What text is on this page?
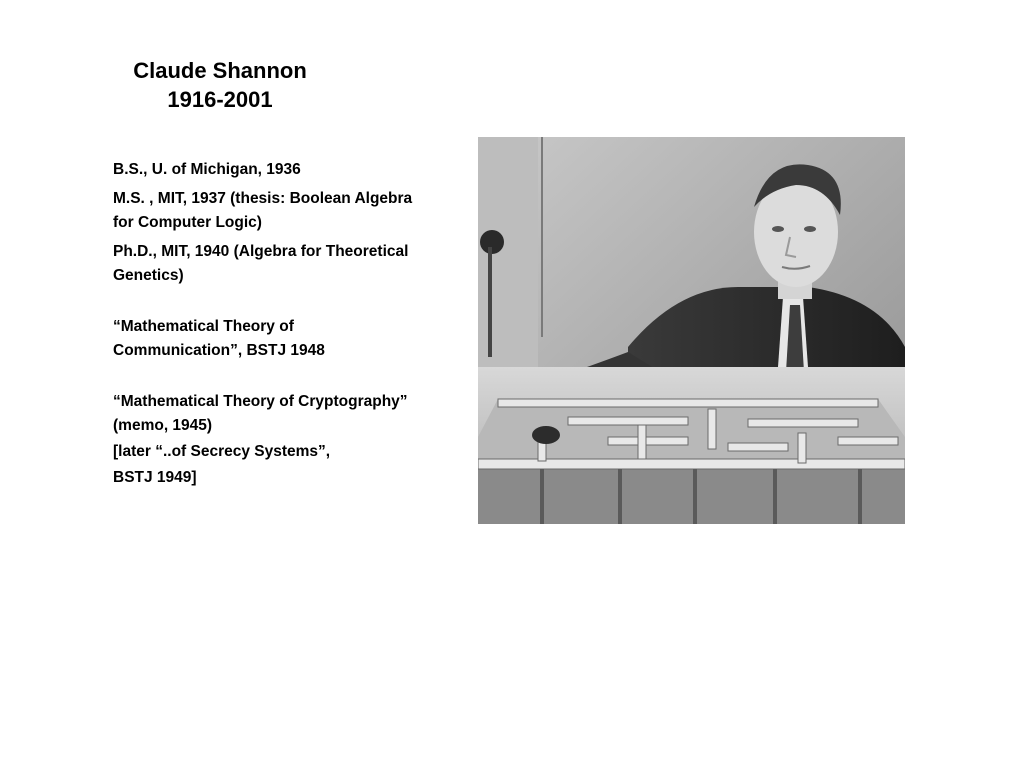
Claude Shannon
1916-2001

B.S., U. of Michigan, 1936

M.S. , MIT, 1937 (thesis: Boolean Algebra for Computer Logic)

Ph.D., MIT, 1940 (Algebra for Theoretical Genetics)

“Mathematical Theory of Communication”, BSTJ 1948

“Mathematical Theory of Cryptography” (memo, 1945)

[later “..of Secrecy Systems”,

BSTJ 1949]
